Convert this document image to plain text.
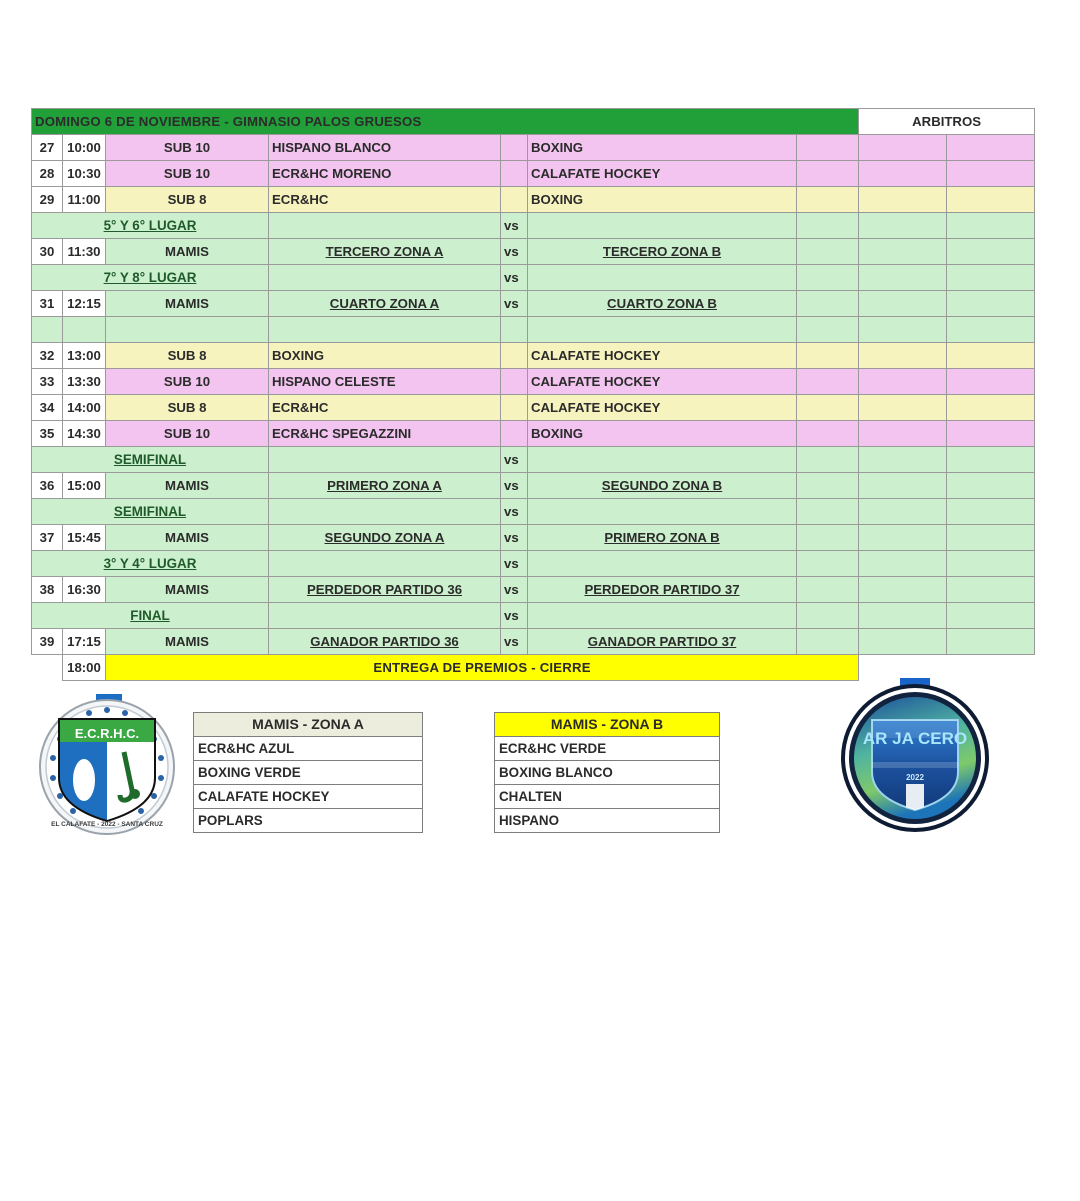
DOMINGO 6 DE NOVIEMBRE - GIMNASIO PALOS GRUESOS							ARBITROS	
27	10:00	SUB 10	HISPANO BLANCO		BOXING			
28	10:30	SUB 10	ECR&HC MORENO		CALAFATE HOCKEY			
29	11:00	SUB 8	ECR&HC		BOXING			
5° Y 6° LUGAR				vs				
30	11:30	MAMIS	TERCERO ZONA A	vs	TERCERO ZONA B			
7° Y 8° LUGAR				vs				
31	12:15	MAMIS	CUARTO ZONA A	vs	CUARTO ZONA B			

32	13:00	SUB 8	BOXING		CALAFATE HOCKEY			
33	13:30	SUB 10	HISPANO CELESTE		CALAFATE HOCKEY			
34	14:00	SUB 8	ECR&HC		CALAFATE HOCKEY			
35	14:30	SUB 10	ECR&HC SPEGAZZINI		BOXING			
SEMIFINAL				vs				
36	15:00	MAMIS	PRIMERO ZONA A	vs	SEGUNDO ZONA B			
SEMIFINAL				vs				
37	15:45	MAMIS	SEGUNDO ZONA A	vs	PRIMERO ZONA B			
3° Y 4° LUGAR				vs				
38	16:30	MAMIS	PERDEDOR PARTIDO 36	vs	PERDEDOR PARTIDO 37			
FINAL				vs				
39	17:15	MAMIS	GANADOR PARTIDO 36	vs	GANADOR PARTIDO 37			
	18:00	ENTREGA DE PREMIOS - CIERRE						
MAMIS - ZONA A
ECR&HC AZUL
BOXING VERDE
CALAFATE HOCKEY
POPLARS
MAMIS - ZONA B
ECR&HC VERDE
BOXING BLANCO
CHALTEN
HISPANO
E.C.R.H.C.
EL CALAFATE - 2022 - SANTA CRUZ
AR JA CERO
2022
